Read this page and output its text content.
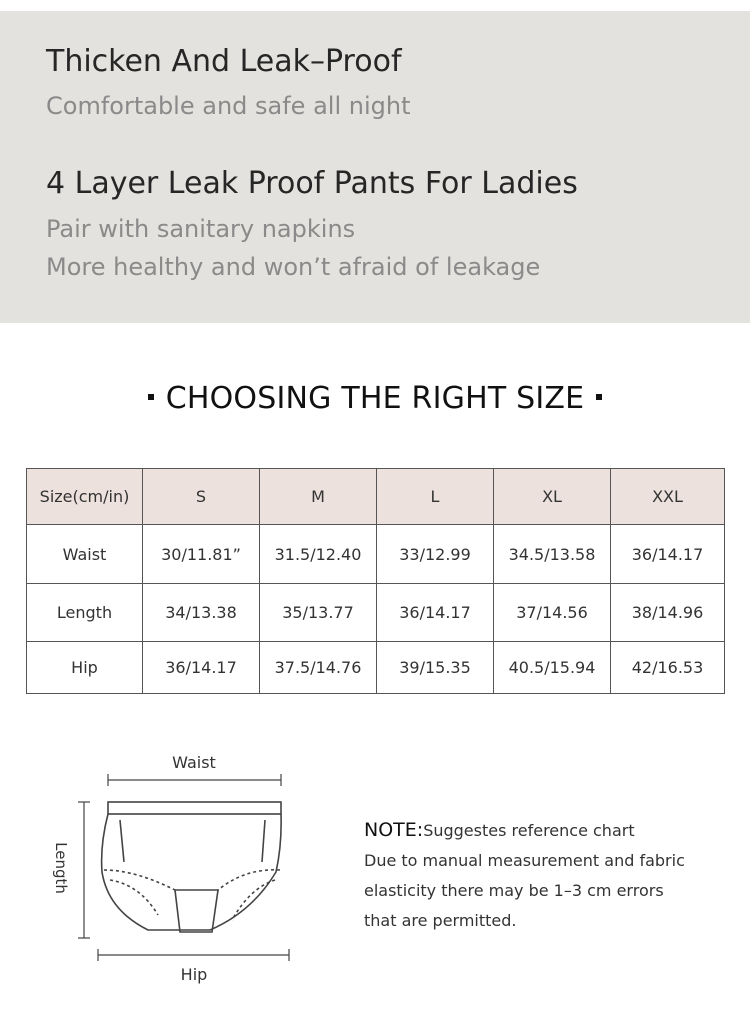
Thicken And Leak–Proof
Comfortable and safe all night
4 Layer Leak Proof Pants For Ladies
Pair with sanitary napkins
More healthy and won’t afraid of leakage
CHOOSING THE RIGHT SIZE
Size(cm/in)	S	M	L	XL	XXL
Waist	30/11.81”	31.5/12.40	33/12.99	34.5/13.58	36/14.17
Length	34/13.38	35/13.77	36/14.17	37/14.56	38/14.96
Hip	36/14.17	37.5/14.76	39/15.35	40.5/15.94	42/16.53
Waist
Length
Hip
NOTE:Suggestes reference chart
Due to manual measurement and fabric
elasticity there may be 1–3 cm errors
that are permitted.
